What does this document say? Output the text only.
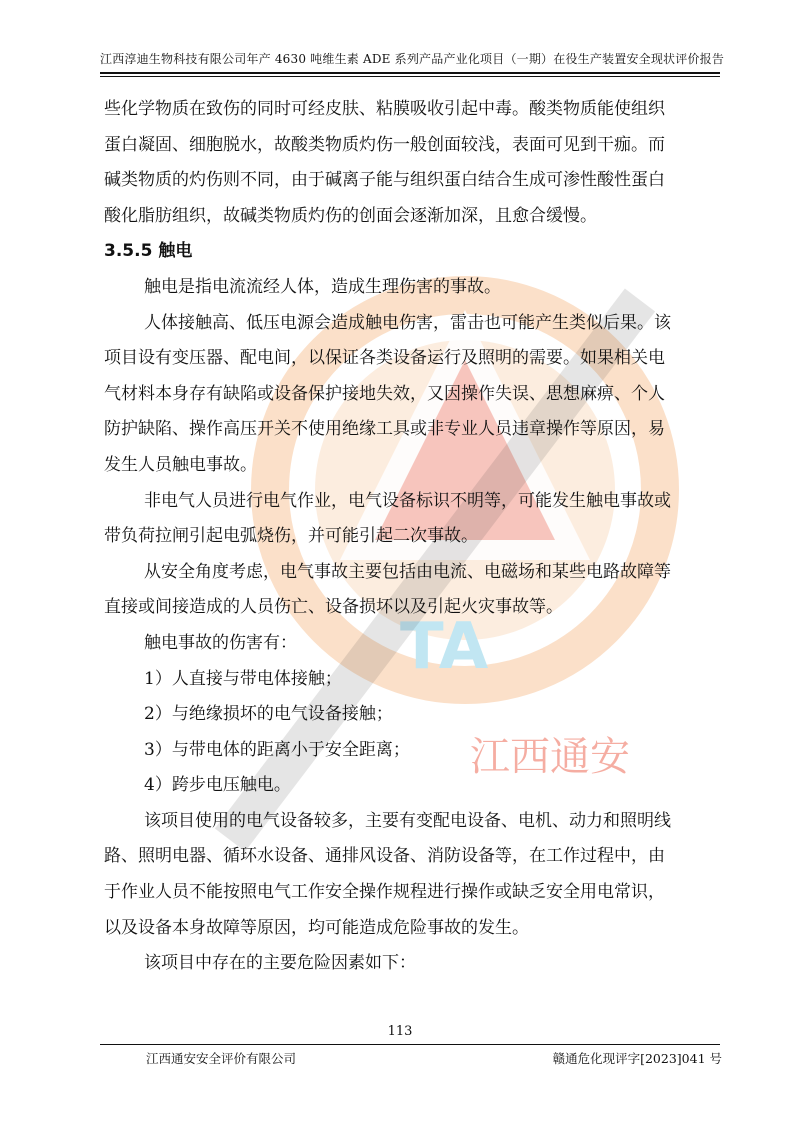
江西淳迪生物科技有限公司年产 4630 吨维生素 ADE 系列产品产业化项目（一期）在役生产装置安全现状评价报告
TA
江西通安

些化学物质在致伤的同时可经皮肤、粘膜吸收引起中毒。酸类物质能使组织

蛋白凝固、细胞脱水，故酸类物质灼伤一般创面较浅，表面可见到干痂。而

碱类物质的灼伤则不同，由于碱离子能与组织蛋白结合生成可渗性酸性蛋白

酸化脂肪组织，故碱类物质灼伤的创面会逐渐加深，且愈合缓慢。

3.5.5 触电

触电是指电流流经人体，造成生理伤害的事故。

人体接触高、低压电源会造成触电伤害，雷击也可能产生类似后果。该

项目设有变压器、配电间，以保证各类设备运行及照明的需要。如果相关电

气材料本身存有缺陷或设备保护接地失效，又因操作失误、思想麻痹、个人

防护缺陷、操作高压开关不使用绝缘工具或非专业人员违章操作等原因，易

发生人员触电事故。

非电气人员进行电气作业，电气设备标识不明等，可能发生触电事故或

带负荷拉闸引起电弧烧伤，并可能引起二次事故。

从安全角度考虑，电气事故主要包括由电流、电磁场和某些电路故障等

直接或间接造成的人员伤亡、设备损坏以及引起火灾事故等。

触电事故的伤害有：

1）人直接与带电体接触；

2）与绝缘损坏的电气设备接触；

3）与带电体的距离小于安全距离；

4）跨步电压触电。

该项目使用的电气设备较多，主要有变配电设备、电机、动力和照明线

路、照明电器、循环水设备、通排风设备、消防设备等，在工作过程中，由

于作业人员不能按照电气工作安全操作规程进行操作或缺乏安全用电常识，

以及设备本身故障等原因，均可能造成危险事故的发生。

该项目中存在的主要危险因素如下：

113
江西通安安全评价有限公司	赣通危化现评字[2023]041 号
